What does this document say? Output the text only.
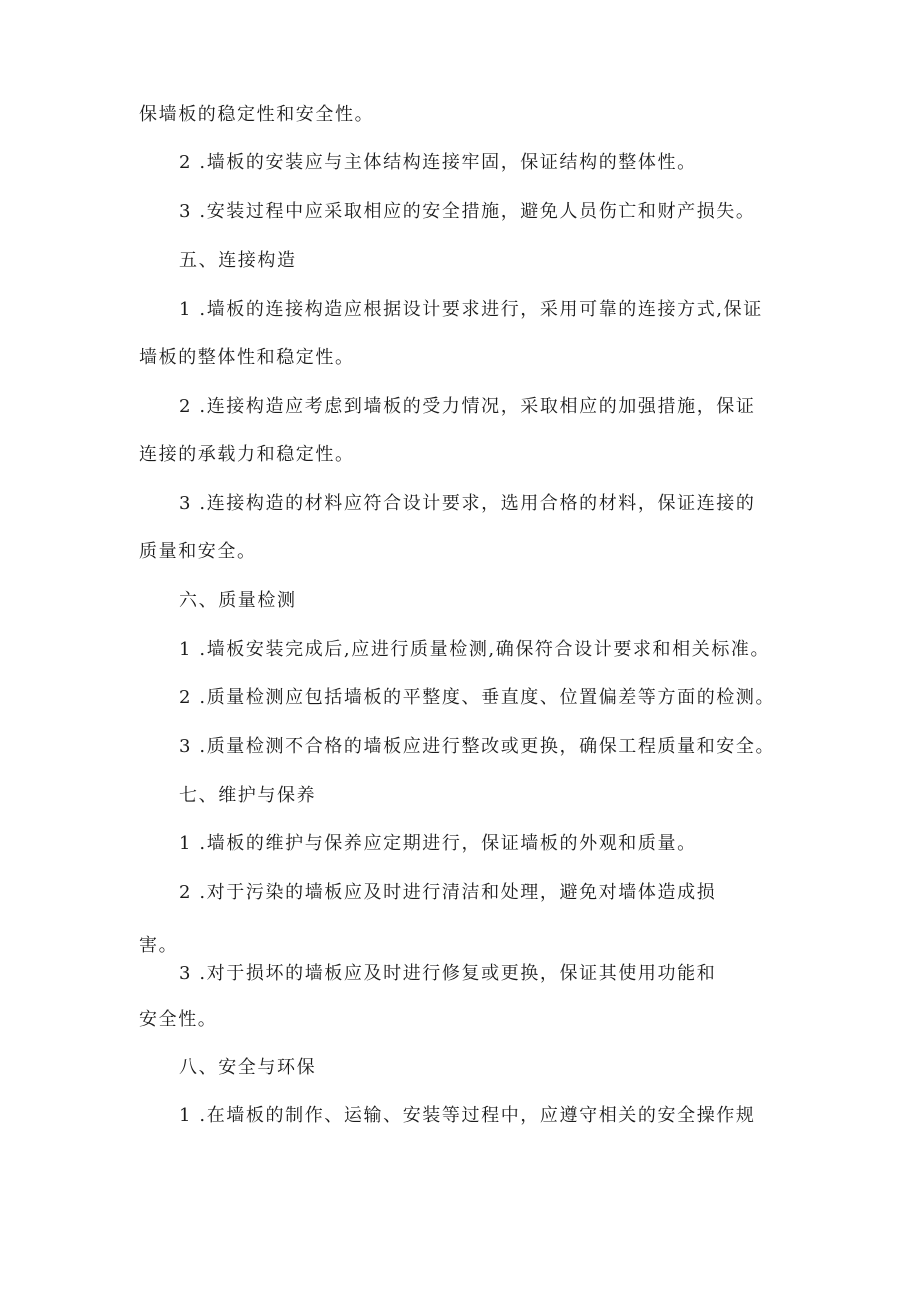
保墙板的稳定性和安全性。

2 .墙板的安装应与主体结构连接牢固，保证结构的整体性。

3 .安装过程中应采取相应的安全措施，避免人员伤亡和财产损失。

五、连接构造

1 .墙板的连接构造应根据设计要求进行，采用可靠的连接方式,保证

墙板的整体性和稳定性。

2 .连接构造应考虑到墙板的受力情况，采取相应的加强措施，保证

连接的承载力和稳定性。

3 .连接构造的材料应符合设计要求，选用合格的材料，保证连接的

质量和安全。

六、质量检测

1 .墙板安装完成后,应进行质量检测,确保符合设计要求和相关标准。

2 .质量检测应包括墙板的平整度、垂直度、位置偏差等方面的检测。

3 .质量检测不合格的墙板应进行整改或更换，确保工程质量和安全。

七、维护与保养

1 .墙板的维护与保养应定期进行，保证墙板的外观和质量。

2 .对于污染的墙板应及时进行清洁和处理，避免对墙体造成损

害。

3 .对于损坏的墙板应及时进行修复或更换，保证其使用功能和

安全性。

八、安全与环保

1 .在墙板的制作、运输、安装等过程中，应遵守相关的安全操作规
